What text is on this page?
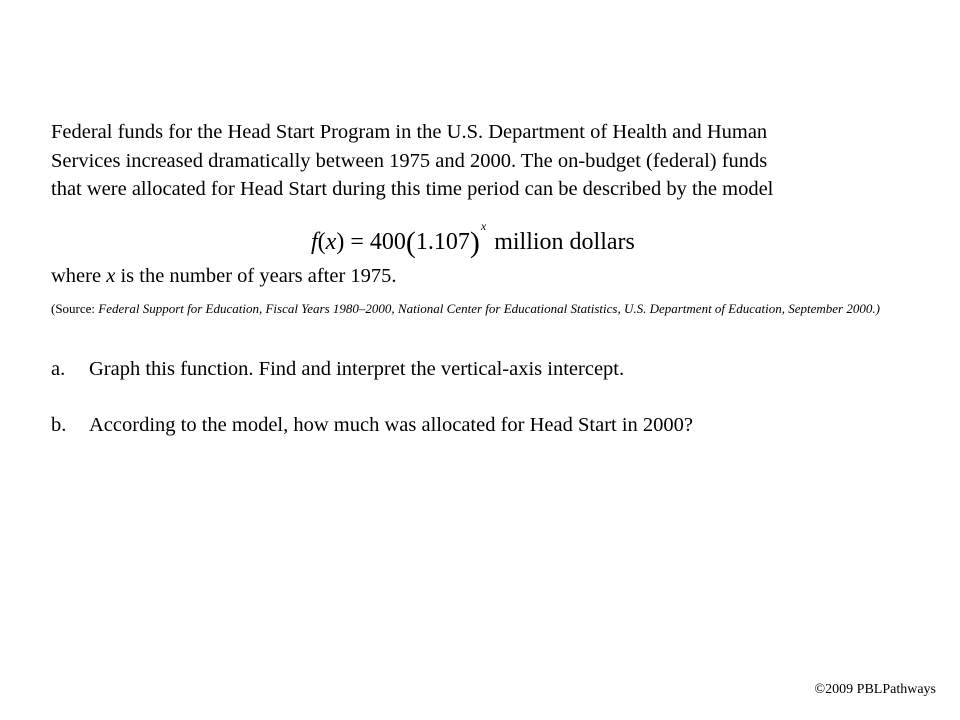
Federal funds for the Head Start Program in the U.S. Department of Health and Human
Services increased dramatically between 1975 and 2000. The on-budget (federal) funds
that were allocated for Head Start during this time period can be described by the model
$f(x) = 400(1.107)^xmillion$ dollars
where x is the number of years after 1975.
(Source: Federal Support for Education, Fiscal Years 1980–2000, National Center for Educational Statistics, U.S. Department of Education, September 2000.)
a.	Graph this function. Find and interpret the vertical-axis intercept.
b.	According to the model, how much was allocated for Head Start in 2000?
©2009 PBLPathways
